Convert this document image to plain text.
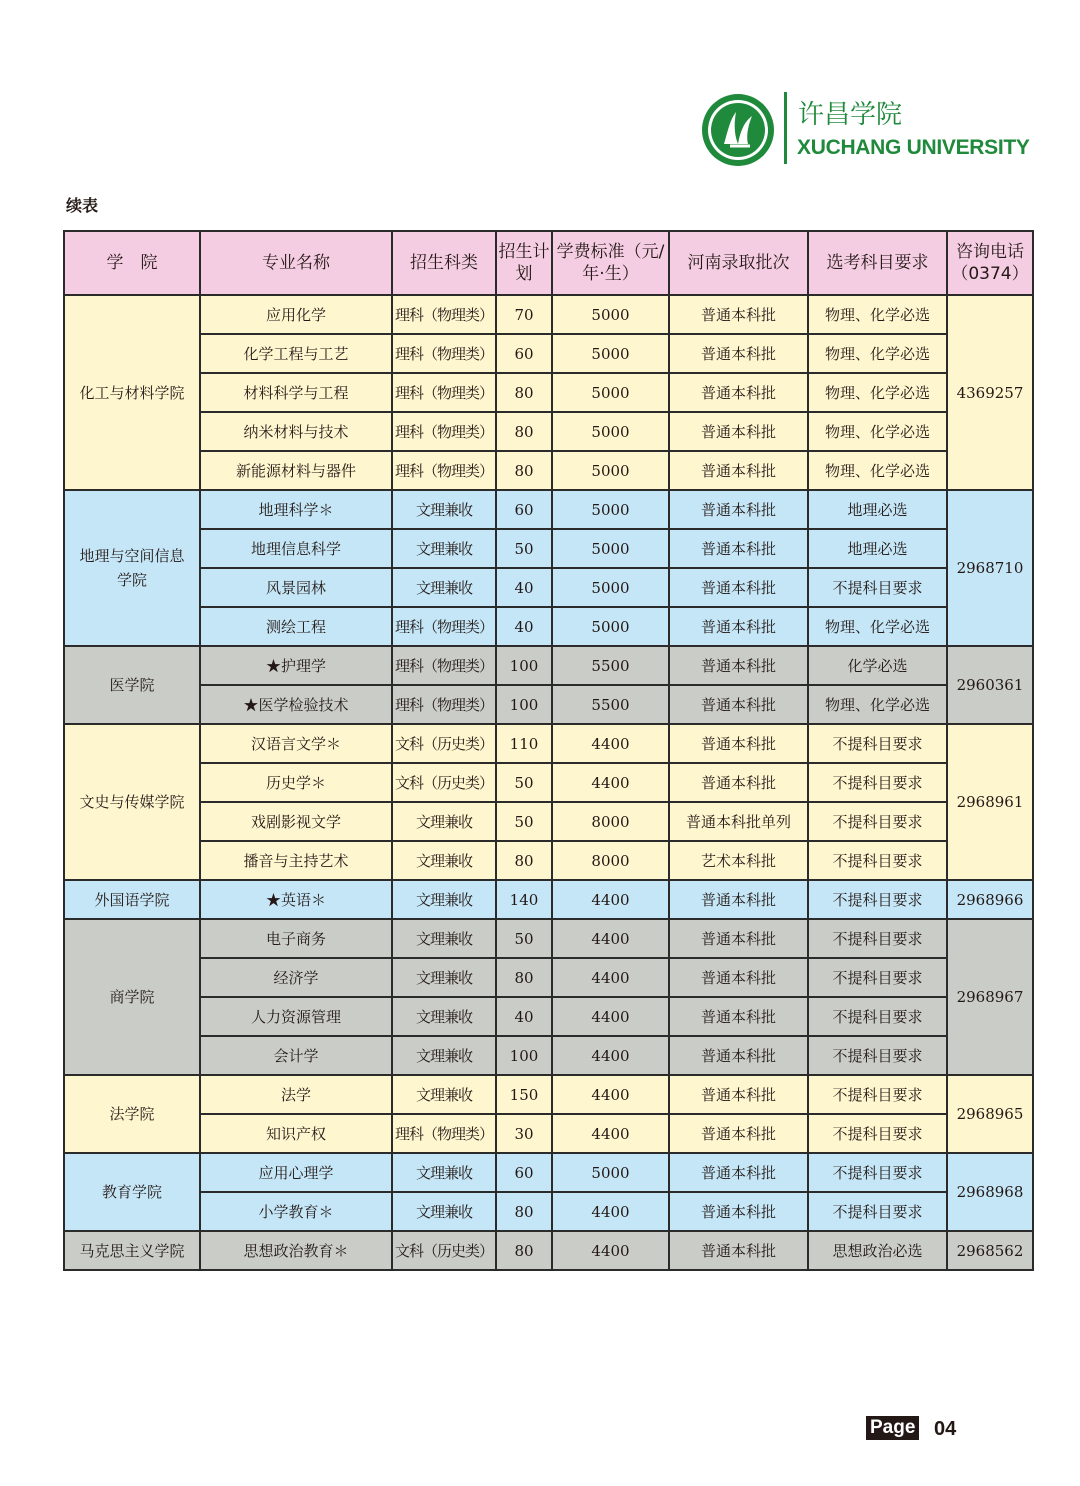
许昌学院
XUCHANG UNIVERSITY
续表
学　院	专业名称	招生科类	招生计划	学费标准（元/年·生）	河南录取批次	选考科目要求	咨询电话（0374）
化工与材料学院	应用化学	理科（物理类）	70	5000	普通本科批	物理、化学必选	4369257
	化学工程与工艺	理科（物理类）	60	5000	普通本科批	物理、化学必选	
	材料科学与工程	理科（物理类）	80	5000	普通本科批	物理、化学必选	
	纳米材料与技术	理科（物理类）	80	5000	普通本科批	物理、化学必选	
	新能源材料与器件	理科（物理类）	80	5000	普通本科批	物理、化学必选	
地理与空间信息学院	地理科学＊	文理兼收	60	5000	普通本科批	地理必选	2968710
	地理信息科学	文理兼收	50	5000	普通本科批	地理必选	
	风景园林	文理兼收	40	5000	普通本科批	不提科目要求	
	测绘工程	理科（物理类）	40	5000	普通本科批	物理、化学必选	
医学院	★护理学	理科（物理类）	100	5500	普通本科批	化学必选	2960361
	★医学检验技术	理科（物理类）	100	5500	普通本科批	物理、化学必选	
文史与传媒学院	汉语言文学＊	文科（历史类）	110	4400	普通本科批	不提科目要求	2968961
	历史学＊	文科（历史类）	50	4400	普通本科批	不提科目要求	
	戏剧影视文学	文理兼收	50	8000	普通本科批单列	不提科目要求	
	播音与主持艺术	文理兼收	80	8000	艺术本科批	不提科目要求	
外国语学院	★英语＊	文理兼收	140	4400	普通本科批	不提科目要求	2968966
商学院	电子商务	文理兼收	50	4400	普通本科批	不提科目要求	2968967
	经济学	文理兼收	80	4400	普通本科批	不提科目要求	
	人力资源管理	文理兼收	40	4400	普通本科批	不提科目要求	
	会计学	文理兼收	100	4400	普通本科批	不提科目要求	
法学院	法学	文理兼收	150	4400	普通本科批	不提科目要求	2968965
	知识产权	理科（物理类）	30	4400	普通本科批	不提科目要求	
教育学院	应用心理学	文理兼收	60	5000	普通本科批	不提科目要求	2968968
	小学教育＊	文理兼收	80	4400	普通本科批	不提科目要求	
马克思主义学院	思想政治教育＊	文科（历史类）	80	4400	普通本科批	思想政治必选	2968562
Page 04
